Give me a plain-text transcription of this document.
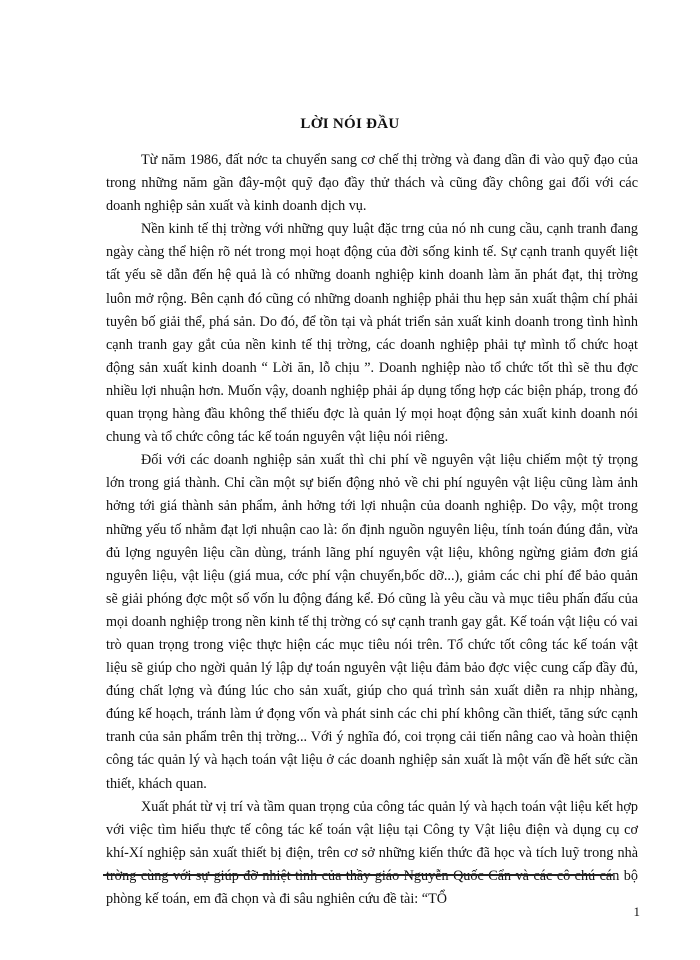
LỜI NÓI ĐẦU

Từ năm 1986, đất nớc ta chuyển sang cơ chế thị trờng và đang dần đi vào quỹ đạo của trong những năm gần đây-một quỹ đạo đầy thử thách và cũng đầy chông gai đối với các doanh nghiệp sản xuất và kinh doanh dịch vụ.

Nền kinh tế thị trờng với những quy luật đặc trng của nó nh cung cầu, cạnh tranh đang ngày càng thể hiện rõ nét trong mọi hoạt động của đời sống kinh tế. Sự cạnh tranh quyết liệt tất yếu sẽ dẫn đến hệ quả là có những doanh nghiệp kinh doanh làm ăn phát đạt, thị trờng luôn mở rộng. Bên cạnh đó cũng có những doanh nghiệp phải thu hẹp sản xuất thậm chí phải tuyên bố giải thể, phá sản. Do đó, để tồn tại và phát triển sản xuất kinh doanh trong tình hình cạnh tranh gay gắt của nền kinh tế thị trờng, các doanh nghiệp phải tự mình tổ chức hoạt động sản xuất kinh doanh “ Lời ăn, lỗ chịu ”. Doanh nghiệp nào tổ chức tốt thì sẽ thu đợc nhiều lợi nhuận hơn. Muốn vậy, doanh nghiệp phải áp dụng tổng hợp các biện pháp, trong đó quan trọng hàng đầu không thể thiếu đợc là quản lý mọi hoạt động sản xuất kinh doanh nói chung và tổ chức công tác kế toán nguyên vật liệu nói riêng.

Đối với các doanh nghiệp sản xuất thì chi phí về nguyên vật liệu chiếm một tỷ trọng lớn trong giá thành. Chỉ cần một sự biến động nhỏ về chi phí nguyên vật liệu cũng làm ảnh hởng tới giá thành sản phẩm, ảnh hởng tới lợi nhuận của doanh nghiệp. Do vậy, một trong những yếu tố nhằm đạt lợi nhuận cao là: ổn định nguồn nguyên liệu, tính toán đúng đắn, vừa đủ lợng nguyên liệu cần dùng, tránh lãng phí nguyên vật liệu, không ngừng giảm đơn giá nguyên liệu, vật liệu (giá mua, cớc phí vận chuyển,bốc dỡ...), giảm các chi phí để bảo quản sẽ giải phóng đợc một số vốn lu động đáng kể. Đó cũng là yêu cầu và mục tiêu phấn đấu của mọi doanh nghiệp trong nền kinh tế thị trờng có sự cạnh tranh gay gắt. Kế toán vật liệu có vai trò quan trọng trong việc thực hiện các mục tiêu nói trên. Tổ chức tốt công tác kế toán vật liệu sẽ giúp cho ngời quản lý lập dự toán nguyên vật liệu đảm bảo đợc việc cung cấp đầy đủ, đúng chất lợng và đúng lúc cho sản xuất, giúp cho quá trình sản xuất diễn ra nhịp nhàng, đúng kế hoạch, tránh làm ứ đọng vốn và phát sinh các chi phí không cần thiết, tăng sức cạnh tranh của sản phẩm trên thị trờng... Với ý nghĩa đó, coi trọng cải tiến nâng cao và hoàn thiện công tác quản lý và hạch toán vật liệu ở các doanh nghiệp sản xuất là một vấn đề hết sức cần thiết, khách quan.

Xuất phát từ vị trí và tầm quan trọng của công tác quản lý và hạch toán vật liệu kết hợp với việc tìm hiểu thực tế công tác kế toán vật liệu tại Công ty Vật liệu điện và dụng cụ cơ khí-Xí nghiệp sản xuất thiết bị điện, trên cơ sở những kiến thức đã học và tích luỹ trong nhà trờng cùng với sự giúp đỡ nhiệt tình của thầy giáo Nguyễn Quốc Cẩn và các cô chú cán bộ phòng kế toán, em đã chọn và đi sâu nghiên cứu đề tài: “TỔ

1
